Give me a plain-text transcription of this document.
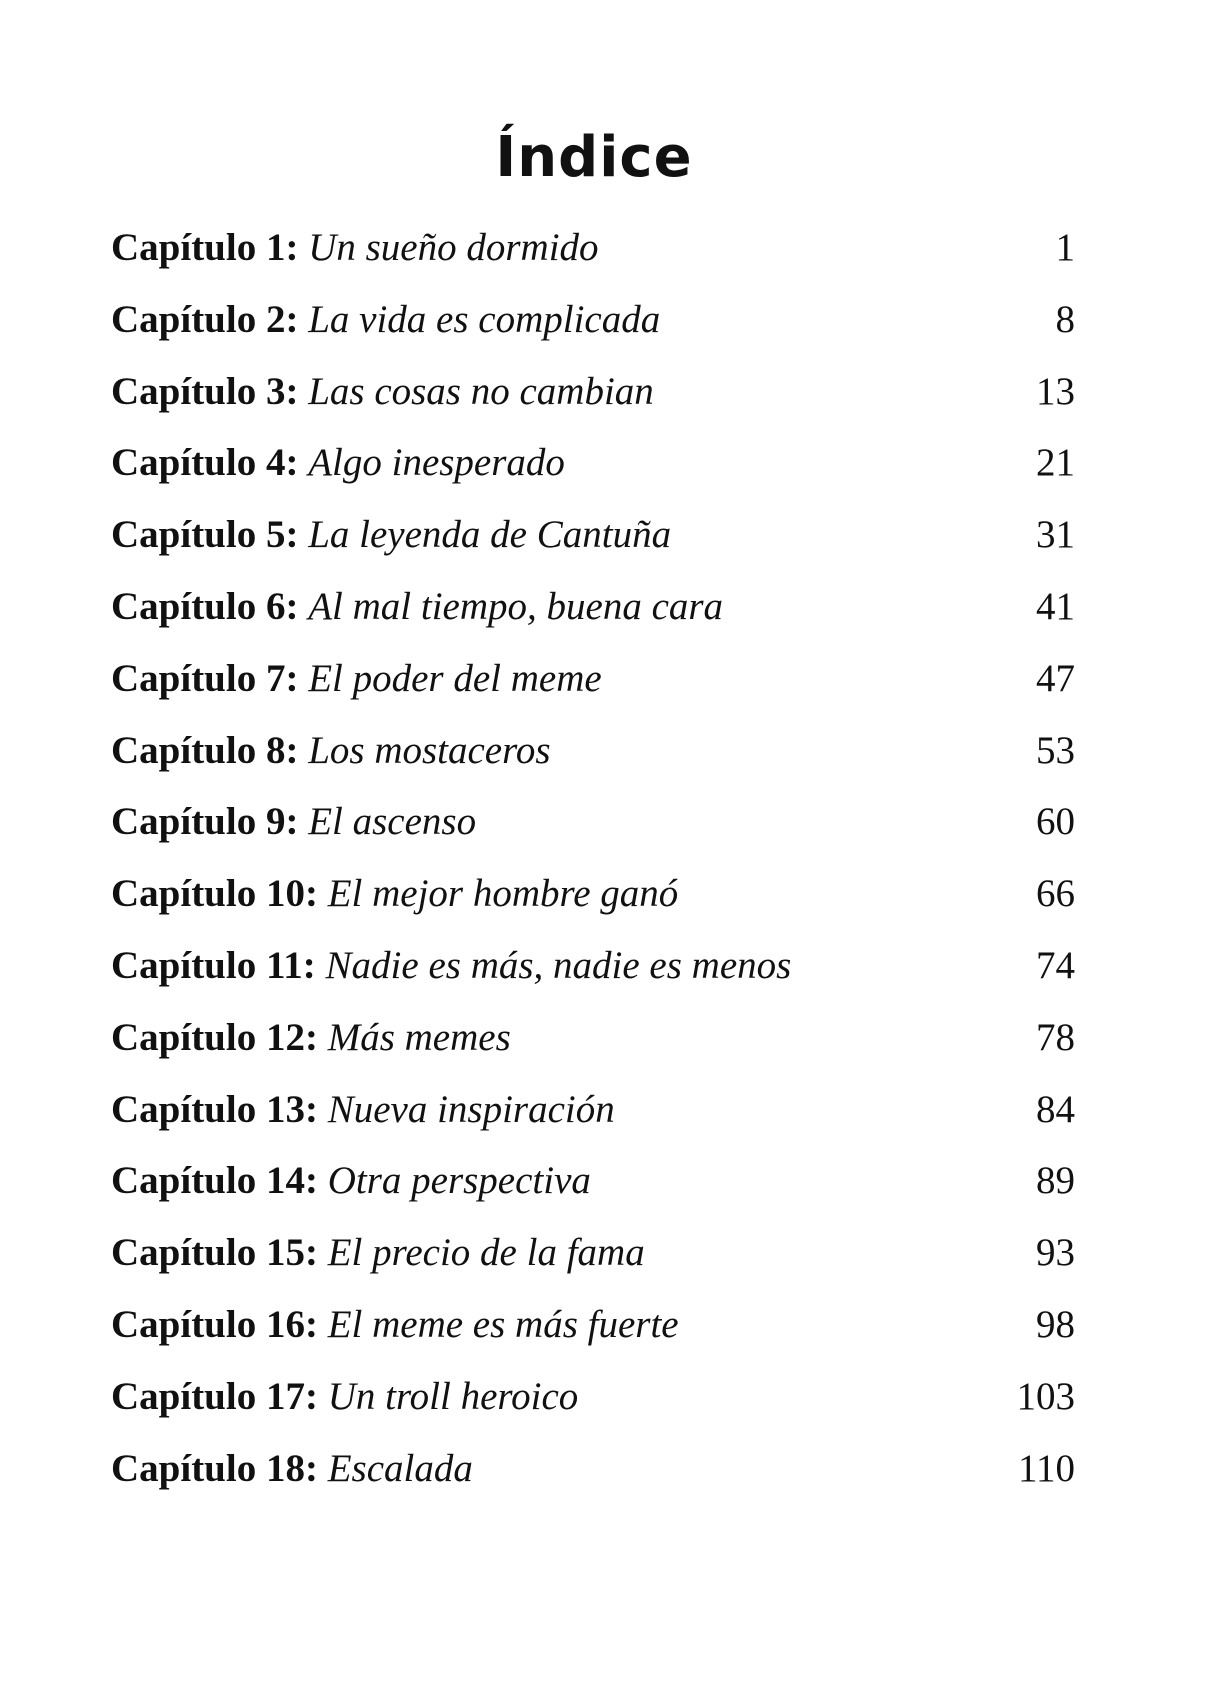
Índice
Capítulo 1: Un sueño dormido	1
Capítulo 2: La vida es complicada	8
Capítulo 3: Las cosas no cambian	13
Capítulo 4: Algo inesperado	21
Capítulo 5: La leyenda de Cantuña	31
Capítulo 6: Al mal tiempo, buena cara	41
Capítulo 7: El poder del meme	47
Capítulo 8: Los mostaceros	53
Capítulo 9: El ascenso	60
Capítulo 10: El mejor hombre ganó	66
Capítulo 11: Nadie es más, nadie es menos	74
Capítulo 12: Más memes	78
Capítulo 13: Nueva inspiración	84
Capítulo 14: Otra perspectiva	89
Capítulo 15: El precio de la fama	93
Capítulo 16: El meme es más fuerte	98
Capítulo 17: Un troll heroico	103
Capítulo 18: Escalada	110
